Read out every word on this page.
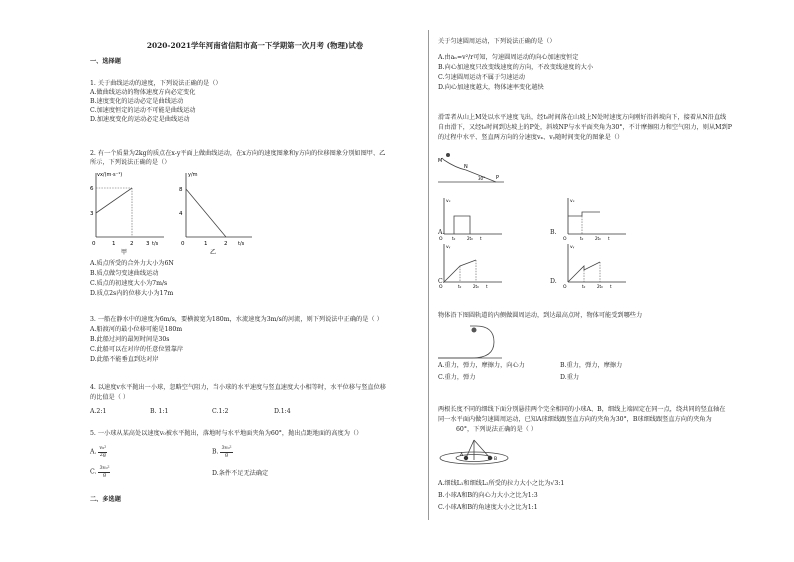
2020-2021学年河南省信阳市高一下学期第一次月考 (物理)试卷
一、选择题
1. 关于曲线运动的速度，下列说法正确的是（）
A.做曲线运动的物体速度方向必定变化
B.速度变化的运动必定是曲线运动
C.加速度恒定的运动不可能是曲线运动
D.加速度变化的运动必定是曲线运动
2. 有一个质量为2kg的质点在x-y平面上做曲线运动，在x方向的速度图象和y方向的位移图象分别如图甲、乙
所示，下列说法正确的是（）
vx/(m·s⁻¹)
6
3
0	1	2 3 t/s
甲
y/m
8
4
0	1	2 t/s
乙
A.质点所受的合外力大小为6N
B.质点做匀变速曲线运动
C.质点的初速度大小为7m/s
D.质点2s内的位移大小为17m
3. 一船在静水中的速度为6m/s，要横渡宽为180m，水流速度为3m/s的河流，则下列说法中正确的是（ ）
A.船渡河的最小位移可能是180m
B.此船过河的最短时间是30s
C.此船可以在对岸的任意位置靠岸
D.此船不能垂直到达对岸
4. 以速度v水平抛出一小球，忽略空气阻力，当小球的水平速度与竖直速度大小相等时，水平位移与竖直位移
的比值是（ ）
A.2:1	B. 1:1	C.1:2	D.1:4
5. 一小球从某高处以速度v₀被水平抛出，落地时与水平地面夹角为60°，抛出点距地面的高度为（）
A. $\frac{\text{v₀²}}{2g}$	B. $\frac{\text{3v₀²}}{g}$
C. $\frac{\text{3v₀²}}{g}$	D.条件不足无法确定
二、多选题
关于匀速圆周运动，下列说法正确的是（）
A.由aₙ=v²/r可知，匀速圆周运动的向心加速度恒定
B.向心加速度只改变线速度的方向，不改变线速度的大小
C.匀速圆周运动不属于匀速运动
D.向心加速度越大，物体速率变化越快
滑雪者从山上M处以水平速度飞出，经t₀时间落在山坡上N处时速度方向刚好沿斜坡向下，接着从N沿直线
自由滑下，又经t₀时间到达坡上的P处，斜坡NP与水平面夹角为30°，不计摩擦阻力和空气阻力，则从M到P
的过程中水平、竖直两方向的分速度vₓ、vᵧ随时间变化的图象是（）
M
N
P
30°
vₓ
O t₀	2t₀ t
A.
vₓ
O	t₀	2t₀ t
B.
vᵧ
O	t₀	2t₀ t
C.
vᵧ
O	t₀	2t₀ t
D.
物体沿下图圆轨道的内侧做圆周运动，到达最高点时，物体可能受到哪些力
A.重力，弹力，摩擦力，向心力	B.重力，弹力，摩擦力
C.重力，弹力	D.重力
两根长度不同的细线下面分别悬挂两个完全相同的小球A、B，细线上端固定在同一点，绕共同的竖直轴在
同一水平面内做匀速圆周运动，已知A球细线跟竖直方向的夹角为30°，B球细线跟竖直方向的夹角为
60°，下列说法正确的是（ ）
A
B
A.细线L₁和细线L₂所受的拉力大小之比为√3:1
B.小球A和B的向心力大小之比为1:3
C.小球A和B的角速度大小之比为1:1
